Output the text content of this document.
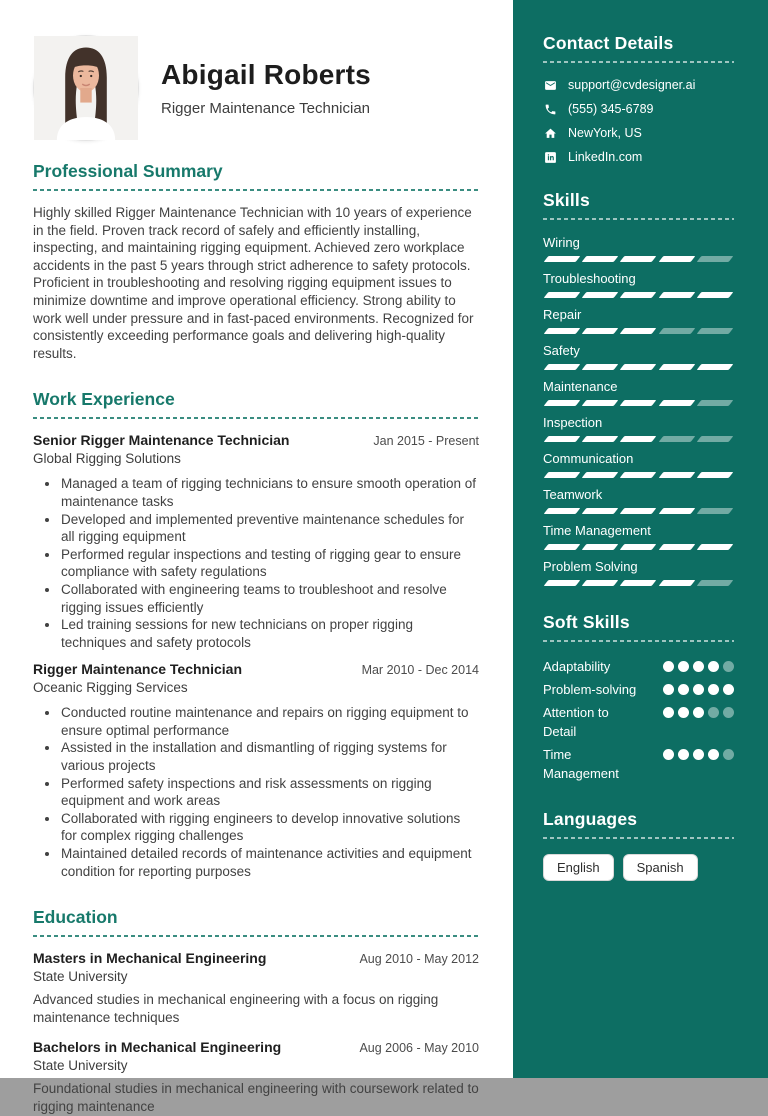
Abigail Roberts
Rigger Maintenance Technician
Professional Summary

Highly skilled Rigger Maintenance Technician with 10 years of experience in the field. Proven track record of safely and efficiently installing, inspecting, and maintaining rigging equipment. Achieved zero workplace accidents in the past 5 years through strict adherence to safety protocols. Proficient in troubleshooting and resolving rigging equipment issues to minimize downtime and improve operational efficiency. Strong ability to work well under pressure and in fast-paced environments. Recognized for consistently exceeding performance goals and delivering high-quality results.

Work Experience
Senior Rigger Maintenance Technician	Jan 2015 - Present
Global Rigging Solutions
• Managed a team of rigging technicians to ensure smooth operation of maintenance tasks
• Developed and implemented preventive maintenance schedules for all rigging equipment
• Performed regular inspections and testing of rigging gear to ensure compliance with safety regulations
• Collaborated with engineering teams to troubleshoot and resolve rigging issues efficiently
• Led training sessions for new technicians on proper rigging techniques and safety protocols
Rigger Maintenance Technician	Mar 2010 - Dec 2014
Oceanic Rigging Services
• Conducted routine maintenance and repairs on rigging equipment to ensure optimal performance
• Assisted in the installation and dismantling of rigging systems for various projects
• Performed safety inspections and risk assessments on rigging equipment and work areas
• Collaborated with rigging engineers to develop innovative solutions for complex rigging challenges
• Maintained detailed records of maintenance activities and equipment condition for reporting purposes
Education
Masters in Mechanical Engineering	Aug 2010 - May 2012
State University

Advanced studies in mechanical engineering with a focus on rigging maintenance techniques

Bachelors in Mechanical Engineering	Aug 2006 - May 2010
State University

Foundational studies in mechanical engineering with coursework related to rigging maintenance

Contact Details
support@cvdesigner.ai
(555) 345-6789
NewYork, US
LinkedIn.com
Skills
Wiring
Troubleshooting
Repair
Safety
Maintenance
Inspection
Communication
Teamwork
Time Management
Problem Solving
Soft Skills
Adaptability
Problem-solving
Attention to Detail
Time Management
Languages
English	Spanish
